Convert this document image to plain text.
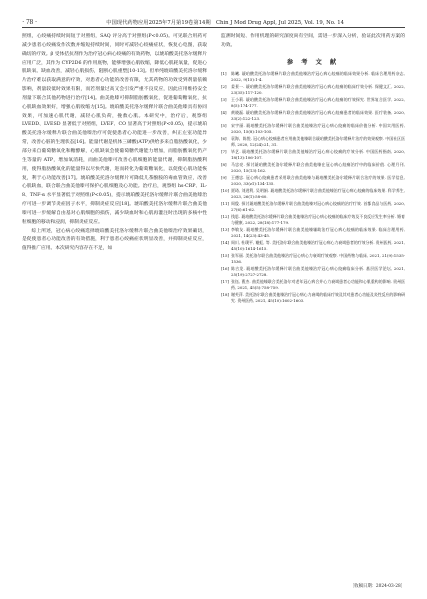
· 78 ·	中国现代药物应用2025年7月第19卷第14期　Chin J Mod Drug Appl, Jul 2025, Vol. 19, No. 14

照组，心绞痛持续时间短于对照组，SAQ 评分高于对照组(P<0.05)。可见联合用药可减少患者心绞痛发作次数并缩短持续时间，同时可减轻心绞痛症状，恢复心电图，获取确切的疗效。β 受体拮抗剂作为治疗冠心病心绞痛的有效药物，以琥珀酸美托洛尔缓释片应用广泛，其作为 CYP2D6 的作用底物，能够增强心肌收缩，降低心肌耗氧量，促进心肌缺氧、缺血改善，减轻心肌损伤，阻断心肌重塑[10-13]。但单纯琥珀酸美托洛尔缓释片治疗难以获取满意的疗效，对患者心功能的改善有限，尤其药物的功效受到剂量依赖影响，剂量较低时效果有限，而若剂量过高又会引发严重不良反应，因此应用维持安全剂量下联合其他药物进行治疗[14]。曲美他嗪可抑制脂肪酸氧化，促进葡萄糖氧化，抗心肌缺血效果好，增强心肌收缩力[15]。琥珀酸美托洛尔缓释片联合曲美他嗪具有协同效果，可加速心肌代谢，减轻心肌负荷，挽救心肌。本研究中，治疗后，观察组 LVEDD、LVESD 显著低于对照组，LVEF、CO 显著高于对照组(P<0.05)，提示琥珀酸美托洛尔缓释片联合曲美他嗪治疗可促使患者心功能进一步改善，纠正左室功能异常，改善心脏的生理状态[16]。能量代谢是机体三磷酸(ATP)供给多来自脂肪酸氧化，少部分来自葡萄糖氧化和糖酵解，心肌缺氧会使葡萄糖代谢能力增加，而脂肪酸氧化仍产生等量的 ATP，增加氧消耗，而曲美他嗪可改善心肌细胞的能量代谢，抑制脂肪酸利用，使得脂肪酸氧化的能量得以尽快代谢，进而转化为葡萄糖氧化，以促使心肌功能恢复，利于心功能改善[17]。琥珀酸美托洛尔缓释片可降低儿茶酚胺的毒血管效应，改善心肌缺血，联合联合曲美他嗪可保护心肌细胞及心功能。治疗后，观察组 hs-CRP、IL-8、TNF-α 水平显著低于对照组(P<0.05)，提示琥珀酸美托洛尔缓释片联合曲美他嗪治疗可进一步调节炎症因子水平，抑制炎症反应[18]。琥珀酸美托洛尔缓释片联合曲美他嗪可进一步缓解自由基对心肌细胞的损伤，减少缺血时和心肌再灌注时出现的多核中性粒细胞的移动和浸润，抑制炎症反应。

综上所述，冠心病心绞痛选择琥珀酸美托洛尔缓释片联合曲美他嗪治疗效果确切，是促使患者心功能改善的有效措施，利于患者心绞痛症状明显改善，并抑制炎症反应，值得推广应用。本次研究内容存在不足，如

监测时间短、作用机理的研究深度尚有空间，需进一步深入分析，验证此次用药方案的功效。

参 考 文 献
[1]	陈曦. 琥珀酸美托洛尔缓释片联合曲美他嗪治疗冠心病心绞痛的临床效果分析. 临床合理用药杂志, 2022, 9(15):1-4.
[2]	姜景一. 琥珀酸美托洛尔缓释片联合曲美他嗪治疗冠心病心绞痛的临床疗效分析. 保健文汇, 2022, 23(35):117-120.
[3]	王小莉. 琥珀酸美托洛尔缓释片联合曲美他嗪治疗冠心病心绞痛的疗效探究. 世界复合医学, 2022, 8(5):174-177.
[4]	黄晓磊. 琥珀酸美托洛尔缓释片联合曲美他嗪治疗冠心病心绞痛患者的临床效果. 医疗装备, 2020, 33(2):122-123.
[5]	宋宇丽. 琥珀酸美托洛尔缓释片联合曲美他嗪治疗冠心病心绞痛的临床价值分析. 中国实用医药, 2020, 15(8):103-105.
[6]	袁海、陈悦. 冠心病心绞痛患者应用曲美他嗪联合琥珀酸美托洛尔缓释片治疗的效果观察. 中国社区医师, 2020, 12(24):21, 31.
[7]	毕艺. 琥珀酸美托洛尔缓释片联合曲美他嗪治疗冠心病心绞痛的疗效分析. 中国医药指南, 2020, 18(13):106-107.
[8]	马忠亮. 探讨琥珀酸美托洛尔缓释片联合曲美他嗪在冠心病心绞痛治疗中的临床价值. 心理月刊, 2020, 15(13):162.
[9]	王德忠. 冠心病心绞痛患者采用联合曲美他嗪与琥珀酸美托洛尔缓释片联合治疗的效果. 医学信息, 2020, 33(z1):134-135.
[10] 贾琦, 刘进利, 吴明娟. 琥珀酸美托洛尔缓释片联合曲美他嗪治疗冠心病心绞痛的临床效果. 科学养生, 2023, 26(1):58-60.
[11] 周俊. 探讨琥珀酸美托洛尔缓释片联合曲美他嗪对冠心病心绞痛的治疗疗效. 首都食品与医药, 2020, 27(6):61-62.
[12] 钱思. 琥珀酸美托洛尔缓释片联合曲美他嗪治疗冠心病心绞痛的临床疗效及不良反应发生率分析. 婚育与健康, 2022, 28(18):177-179.
[13] 李敏友. 琥珀酸美托洛尔缓释片联合曲美他嗪辅助治疗冠心病心绞痛的临床效果. 临床合理用药, 2021, 14(23):43-45.
[14] 周川, 杜璞平, 谢虹, 等. 美托洛尔联合曲美他嗪治疗冠心病心力衰竭患者的疗效分析. 贵州医药, 2021, 45(10):1614-1615.
[15] 张军丽. 美托洛尔联合曲美他嗪治疗冠心病心力衰竭疗效观察. 中国药物与临床, 2021, 21(9):1535-1536.
[16] 陈吉龙. 琥珀酸美托洛尔缓释片联合曲美他嗪治疗冠心病心绞痛临床分析. 基层医学论坛, 2021, 25(19):2727-2728.
[17] 张钰, 曹杰. 曲美他嗪联合美托洛尔对老年冠心病合并心力衰竭患者心功能和心肌重构的影响. 贵州医药, 2021, 45(5):758-759.
[18] 谢芙萍. 美托洛尔联合曲美他嗪治疗冠心病心力衰竭的临床疗效及其对患者心功能及炎性反应的影响研究. 贵州医药, 2021, 45(10):1602-1603.
［收稿日期：2024-03-28］
